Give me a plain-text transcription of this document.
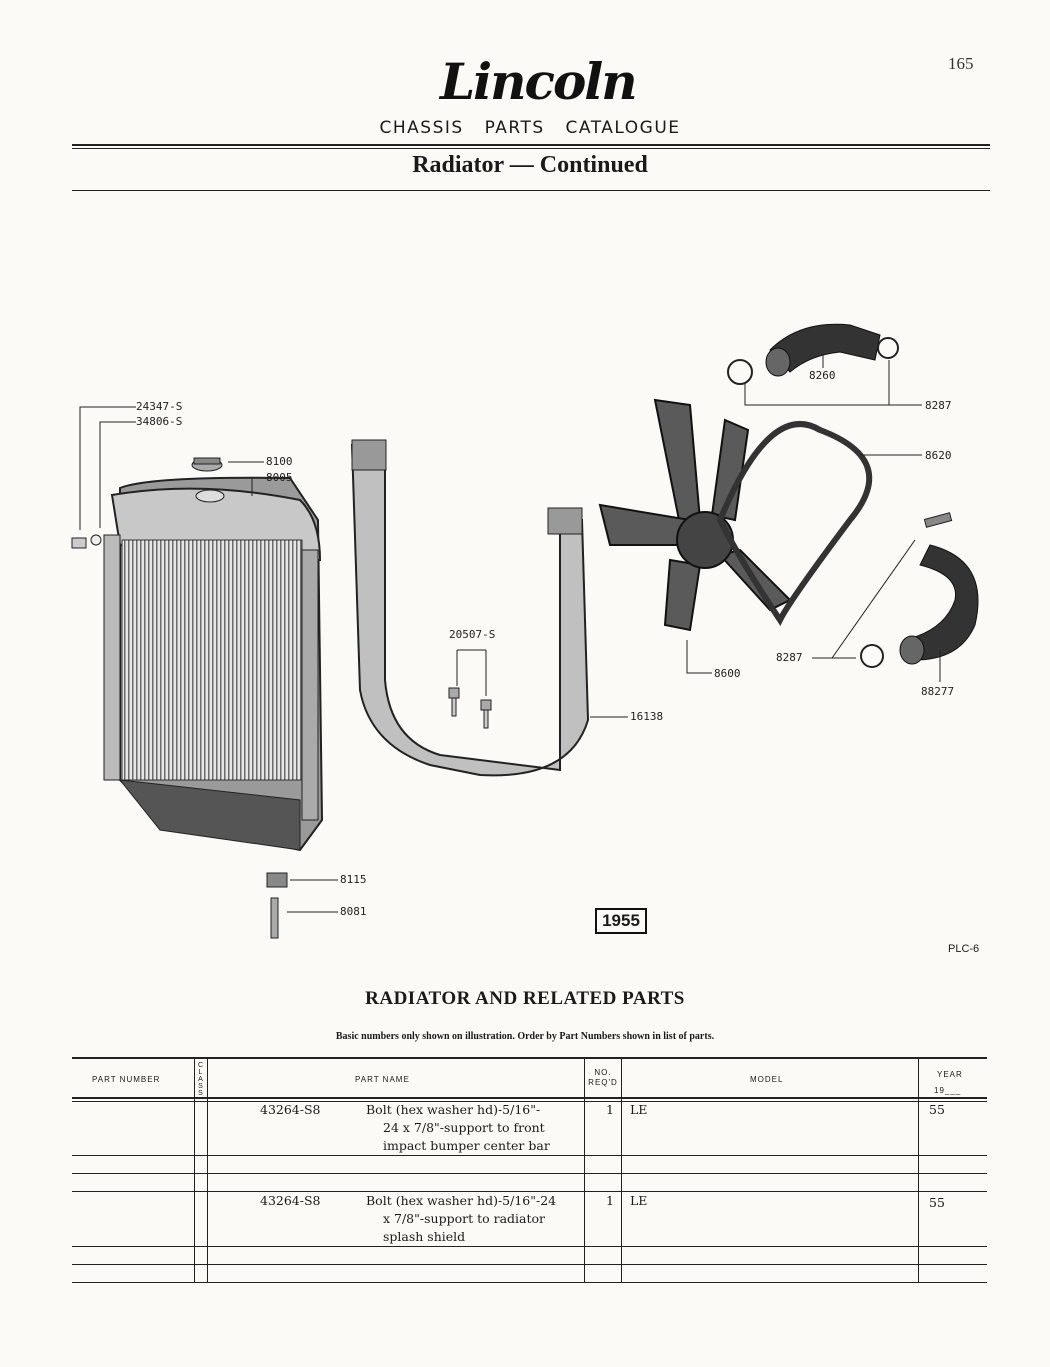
165
Lincoln
CHASSIS PARTS CATALOGUE
Radiator — Continued
24347-S
34806-S
8100
8005
20507-S
8260
8287
8620
8287
8600
88277
16138
8115
8081	1955
PLC-6
RADIATOR AND RELATED PARTS
Basic numbers only shown on illustration. Order by Part Numbers shown in list of parts.
PART NUMBER
CLASS
PART NAME
NO. REQ'D	MODEL
YEAR
19___
43264-S8	Bolt (hex washer hd)-5/16"-
24 x 7/8"-support to front
impact bumper center bar
1 LE	55
43264-S8	Bolt (hex washer hd)-5/16"-24
x 7/8"-support to radiator
splash shield
1 LE	55
